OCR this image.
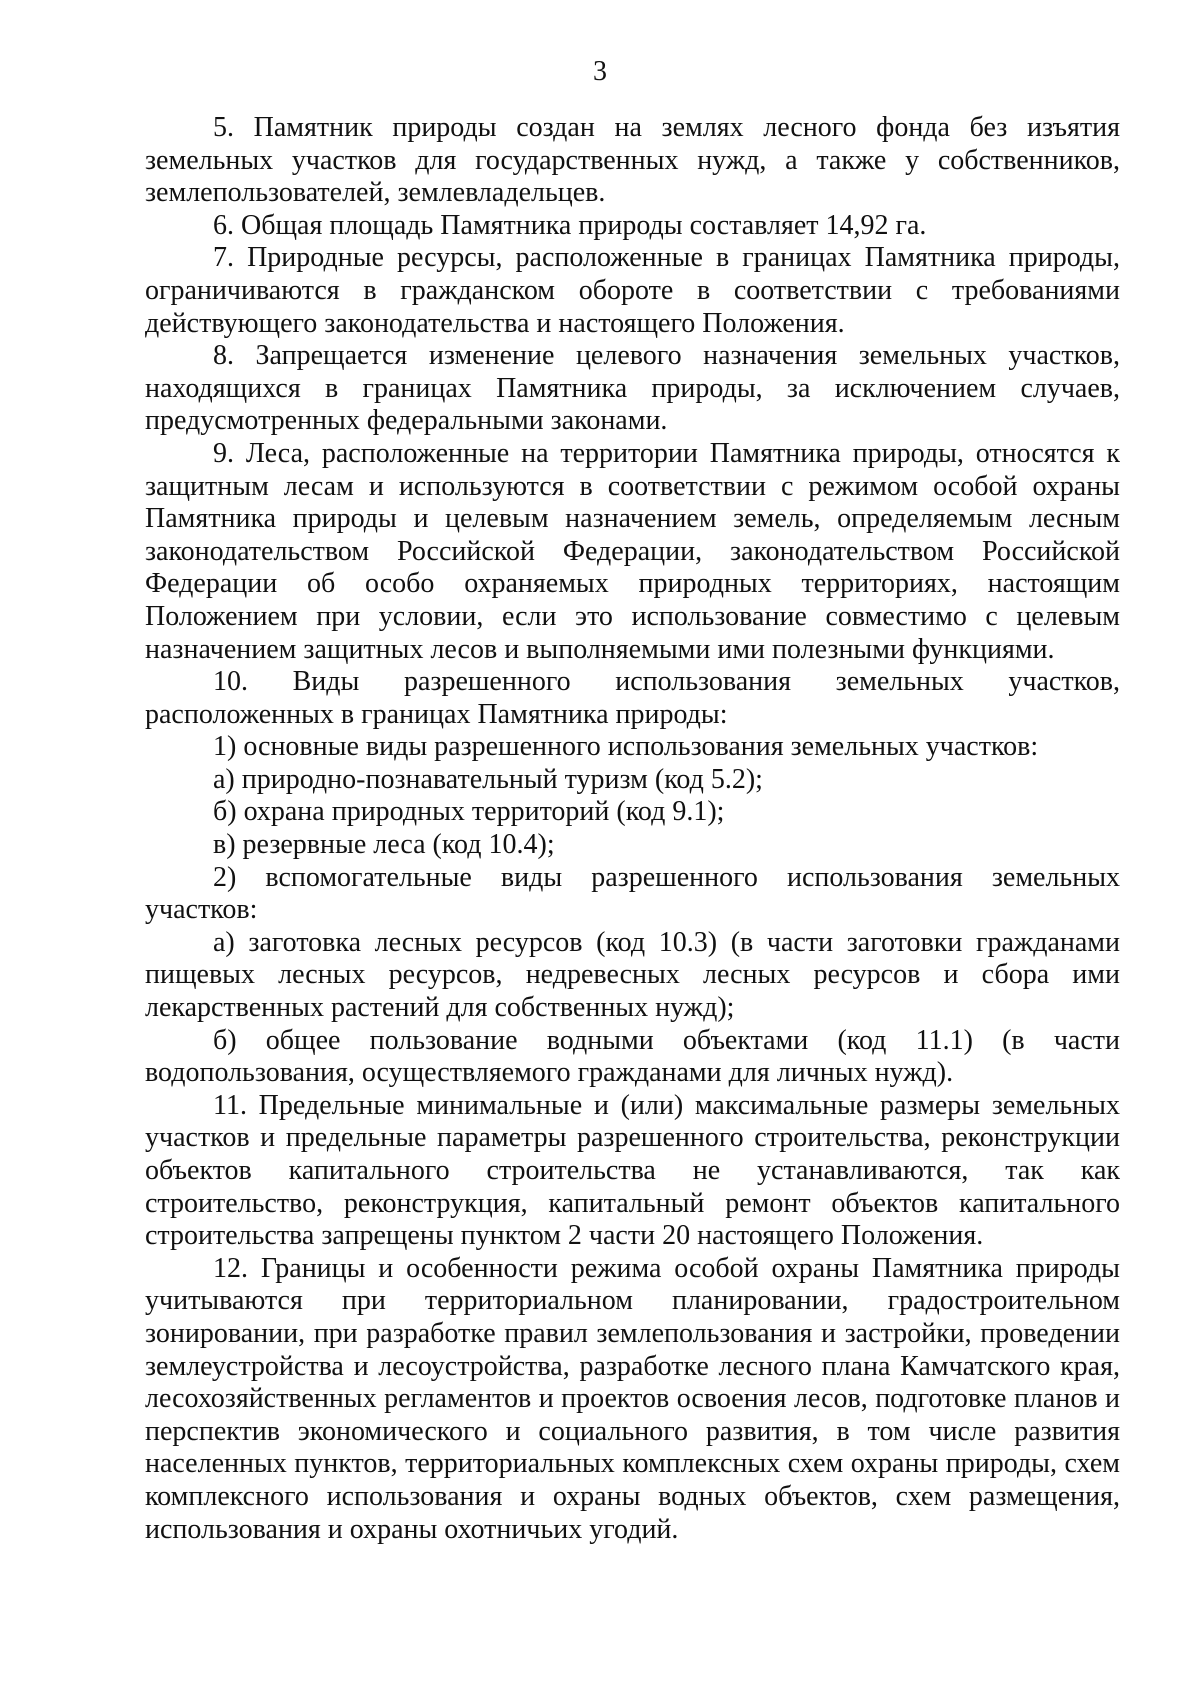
3

5. Памятник природы создан на землях лесного фонда без изъятия земельных участков для государственных нужд, а также у собственников, землепользователей, землевладельцев.

6. Общая площадь Памятника природы составляет 14,92 га.

7. Природные ресурсы, расположенные в границах Памятника природы, ограничиваются в гражданском обороте в соответствии с требованиями действующего законодательства и настоящего Положения.

8. Запрещается изменение целевого назначения земельных участков, находящихся в границах Памятника природы, за исключением случаев, предусмотренных федеральными законами.

9. Леса, расположенные на территории Памятника природы, относятся к защитным лесам и используются в соответствии с режимом особой охраны Памятника природы и целевым назначением земель, определяемым лесным законодательством Российской Федерации, законодательством Российской Федерации об особо охраняемых природных территориях, настоящим Положением при условии, если это использование совместимо с целевым назначением защитных лесов и выполняемыми ими полезными функциями.

10. Виды разрешенного использования земельных участков, расположенных в границах Памятника природы:

1) основные виды разрешенного использования земельных участков:

а) природно-познавательный туризм (код 5.2);

б) охрана природных территорий (код 9.1);

в) резервные леса (код 10.4);

2) вспомогательные виды разрешенного использования земельных участков:

а) заготовка лесных ресурсов (код 10.3) (в части заготовки гражданами пищевых лесных ресурсов, недревесных лесных ресурсов и сбора ими лекарственных растений для собственных нужд);

б) общее пользование водными объектами (код 11.1) (в части водопользования, осуществляемого гражданами для личных нужд).

11. Предельные минимальные и (или) максимальные размеры земельных участков и предельные параметры разрешенного строительства, реконструкции объектов капитального строительства не устанавливаются, так как строительство, реконструкция, капитальный ремонт объектов капитального строительства запрещены пунктом 2 части 20 настоящего Положения.

12. Границы и особенности режима особой охраны Памятника природы учитываются при территориальном планировании, градостроительном зонировании, при разработке правил землепользования и застройки, проведении землеустройства и лесоустройства, разработке лесного плана Камчатского края, лесохозяйственных регламентов и проектов освоения лесов, подготовке планов и перспектив экономического и социального развития, в том числе развития населенных пунктов, территориальных комплексных схем охраны природы, схем комплексного использования и охраны водных объектов, схем размещения, использования и охраны охотничьих угодий.
